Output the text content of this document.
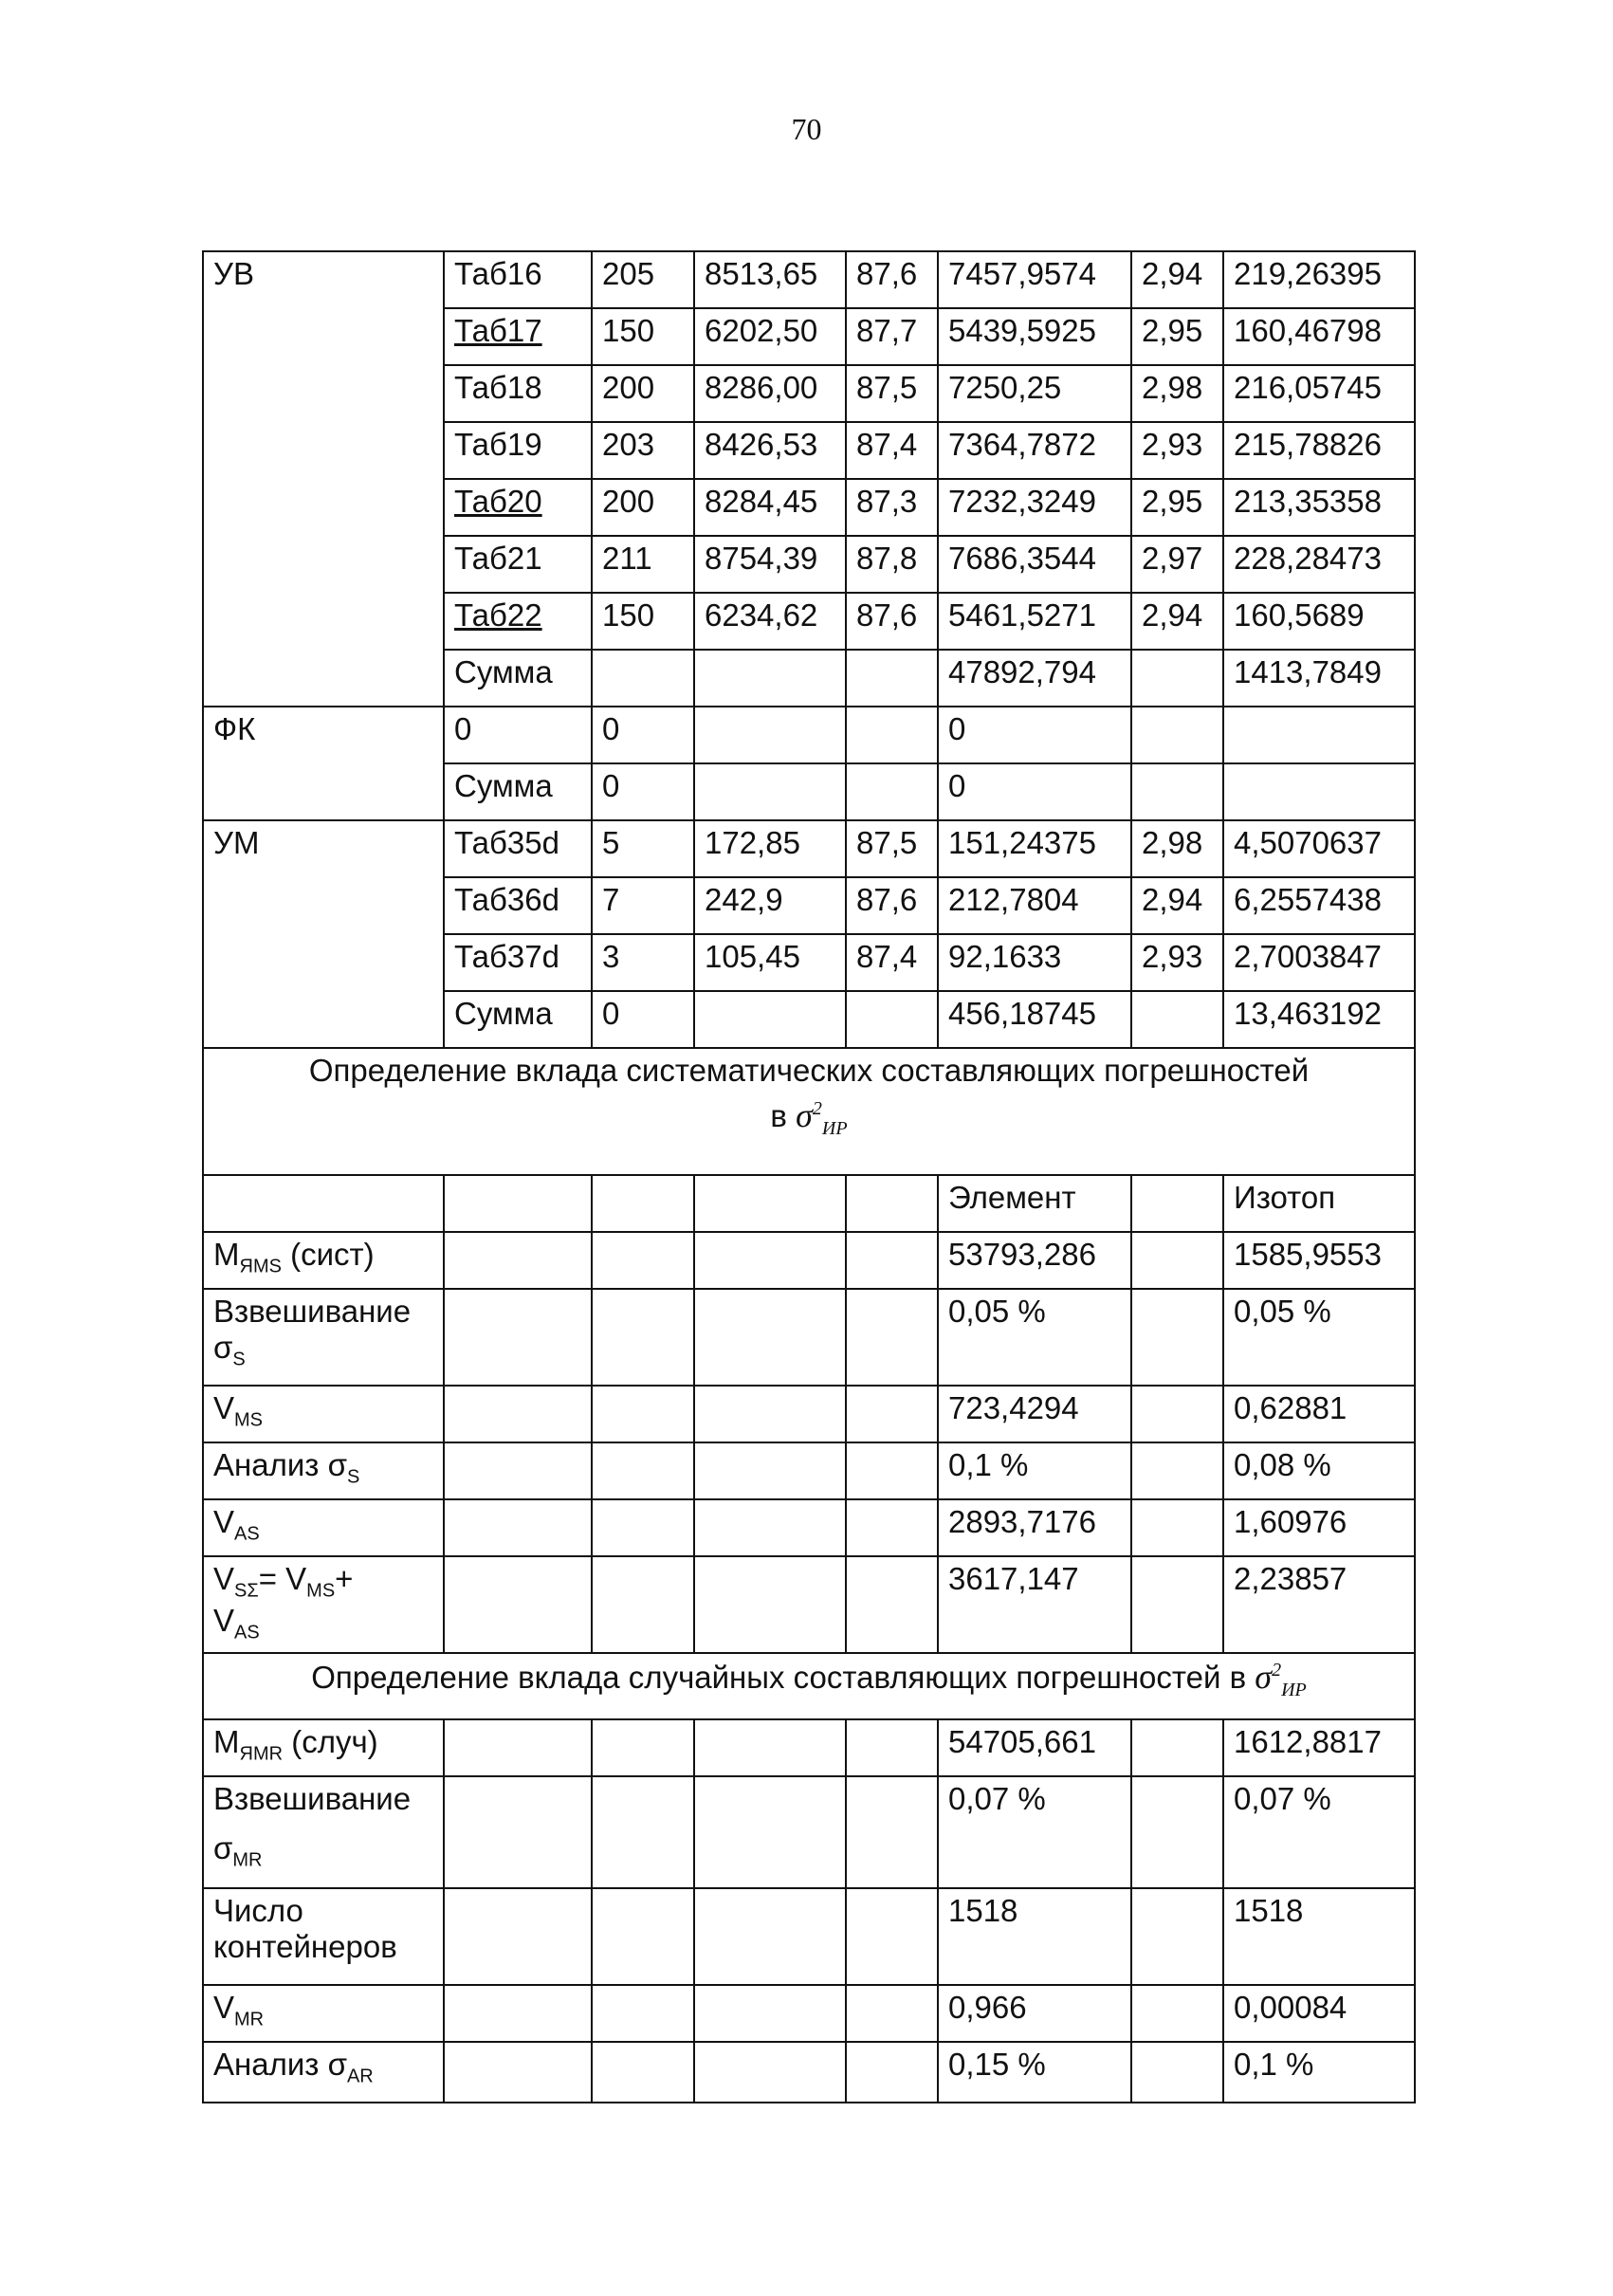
70
УВ	Таб16	205	8513,65	87,6	7457,9574	2,94	219,26395
	Таб17	150	6202,50	87,7	5439,5925	2,95	160,46798
	Таб18	200	8286,00	87,5	7250,25	2,98	216,05745
	Таб19	203	8426,53	87,4	7364,7872	2,93	215,78826
	Таб20	200	8284,45	87,3	7232,3249	2,95	213,35358
	Таб21	211	8754,39	87,8	7686,3544	2,97	228,28473
	Таб22	150	6234,62	87,6	5461,5271	2,94	160,5689
	Сумма				47892,794		1413,7849
ФК	0	0			0		
	Сумма	0			0		
УМ	Таб35d	5	172,85	87,5	151,24375	2,98	4,5070637
	Таб36d	7	242,9	87,6	212,7804	2,94	6,2557438
	Таб37d	3	105,45	87,4	92,1633	2,93	2,7003847
	Сумма	0			456,18745		13,463192

Определение вклада систематических составляющих погрешностей
в $\sigma^2_{ИР}$

					Элемент		Изотоп
$M_{ЯMS}$ (сист)					53793,286		1585,9553
Взвешивание
$\sigma_S$					0,05 %		0,05 %
$V_{MS}$					723,4294		0,62881
Анализ $\sigma_S$					0,1 %		0,08 %
$V_{AS}$					2893,7176		1,60976
$V_{S\Sigma}= V_{MS}+$
$V_{AS}$					3617,147		2,23857
Определение вклада случайных составляющих погрешностей в $\sigma^2_{ИР}$
$M_{ЯMR}$ (случ)					54705,661		1612,8817
Взвешивание
$\sigma_{MR}$					0,07 %		0,07 %
Число контейнеров					1518		1518
$V_{MR}$					0,966		0,00084
Анализ $\sigma_{AR}$					0,15 %		0,1 %
